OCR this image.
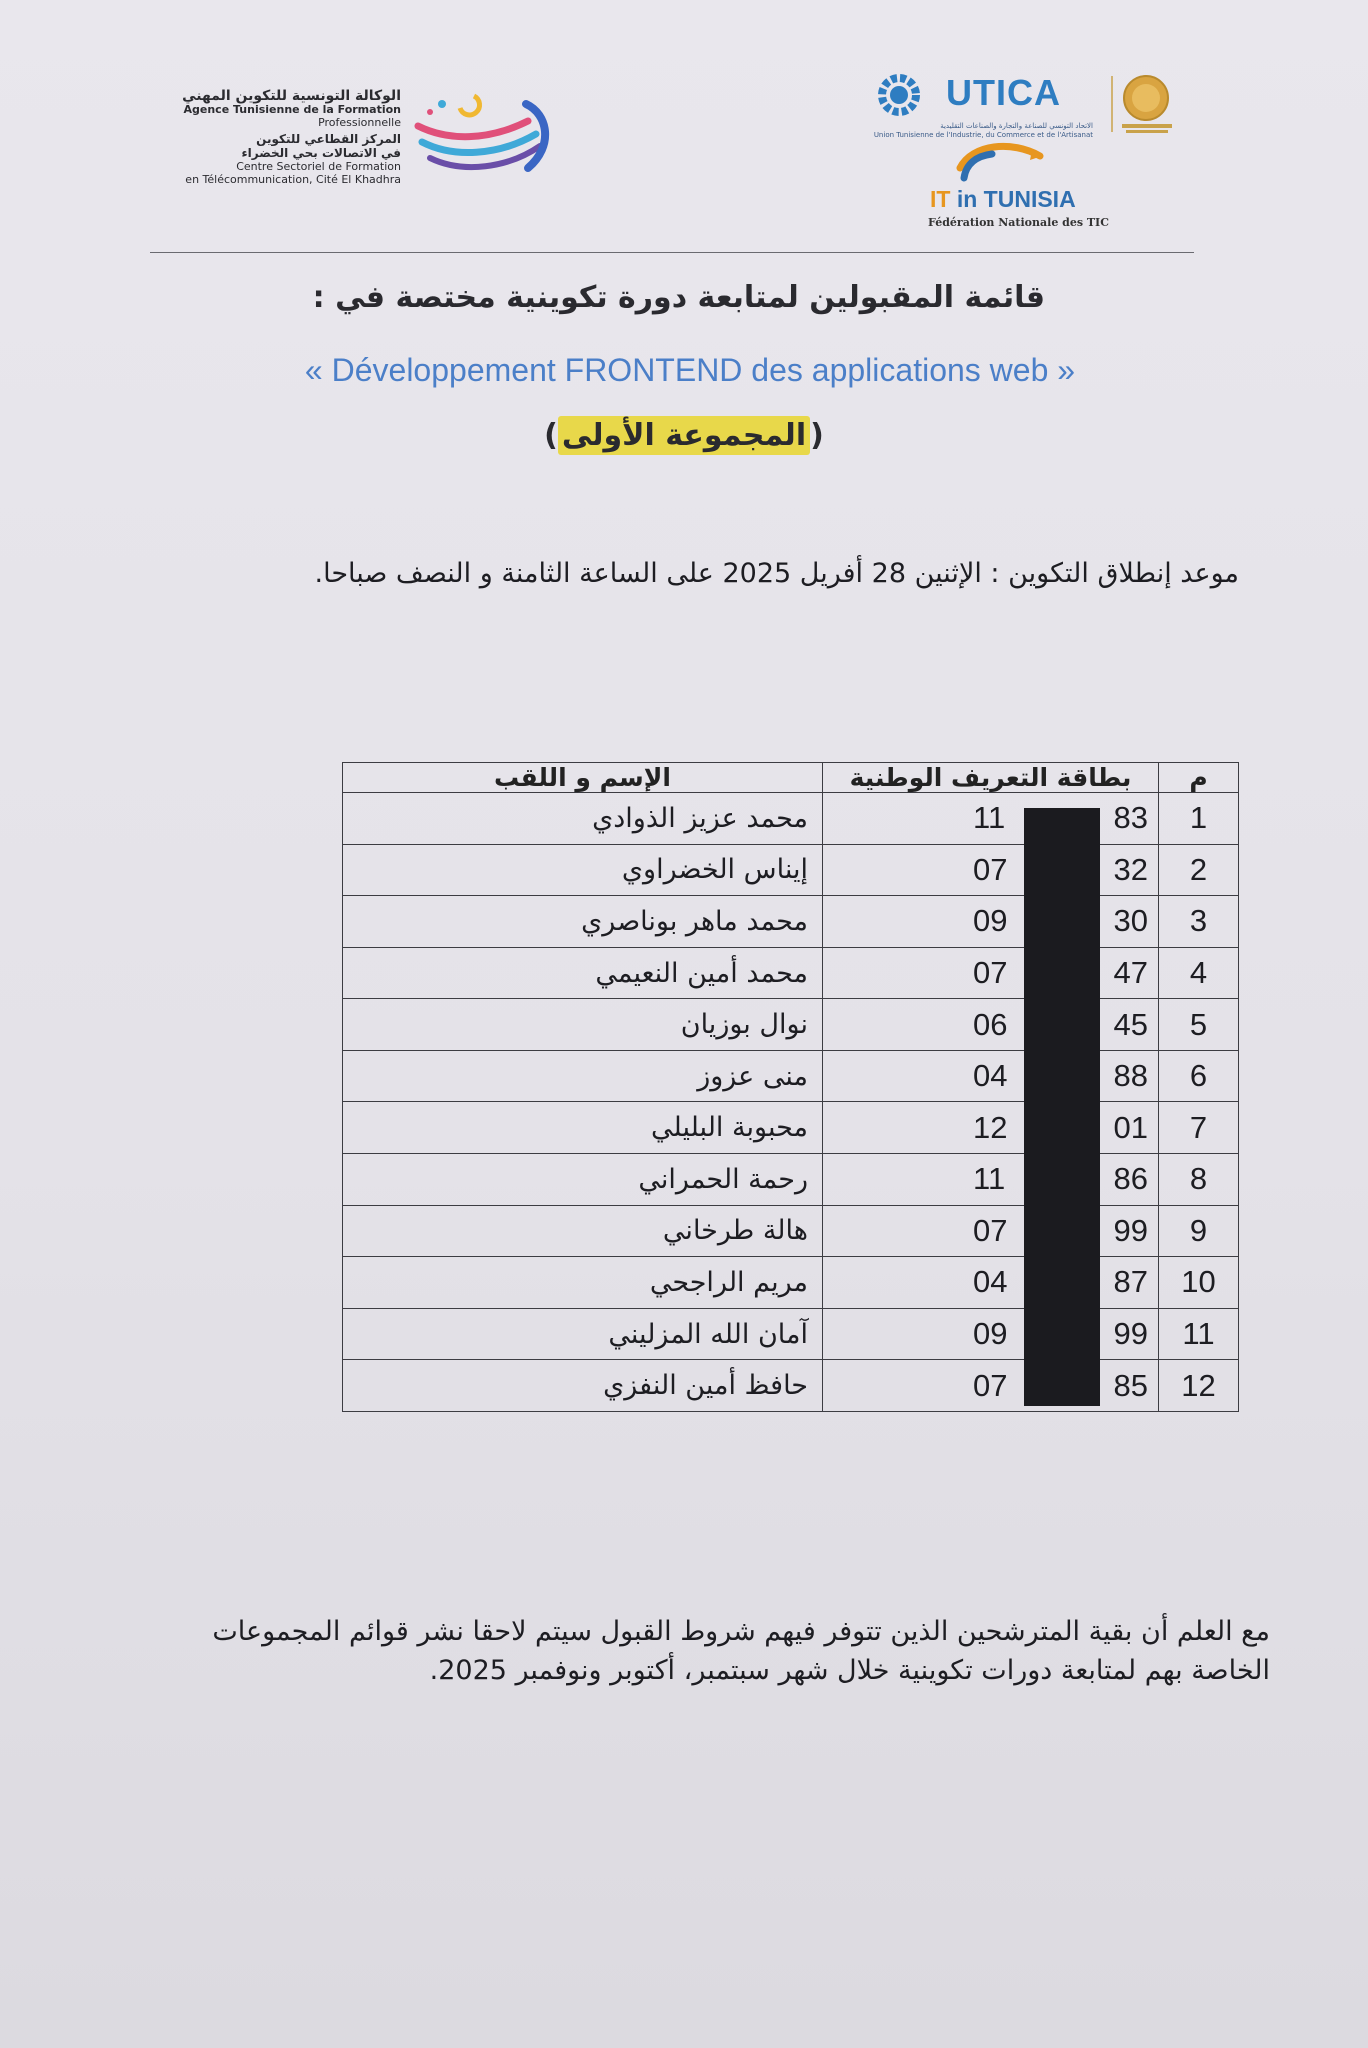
الوكالة التونسية للتكوين المهني
Agence Tunisienne de la Formation
Professionnelle
المركز القطاعي للتكوين
في الاتصالات بحي الخضراء
Centre Sectoriel de Formation
en Télécommunication, Cité El Khadhra
UTICA
الاتحاد التونسي للصناعة والتجارة والصناعات التقليدية
Union Tunisienne de l'Industrie, du Commerce et de l'Artisanat
IT in TUNISIA
Fédération Nationale des TIC
قائمة المقبولين لمتابعة دورة تكوينية مختصة في :
« Développement FRONTEND des applications web »
(المجموعة الأولى)
موعد إنطلاق التكوين : الإثنين 28 أفريل 2025 على الساعة الثامنة و النصف صباحا.
الإسم و اللقب	بطاقة التعريف الوطنية	م
محمد عزيز الذوادي	11 83	1
إيناس الخضراوي	07 32	2
محمد ماهر بوناصري	09 30	3
محمد أمين النعيمي	07 47	4
نوال بوزيان	06 45	5
منى عزوز	04 88	6
محبوبة البليلي	12 01	7
رحمة الحمراني	11 86	8
هالة طرخاني	07 99	9
مريم الراجحي	04 87	10
آمان الله المزليني	09 99	11
حافظ أمين النفزي	07 85	12
مع العلم أن بقية المترشحين الذين تتوفر فيهم شروط القبول سيتم لاحقا نشر قوائم المجموعات
الخاصة بهم لمتابعة دورات تكوينية خلال شهر سبتمبر، أكتوبر ونوفمبر 2025.
